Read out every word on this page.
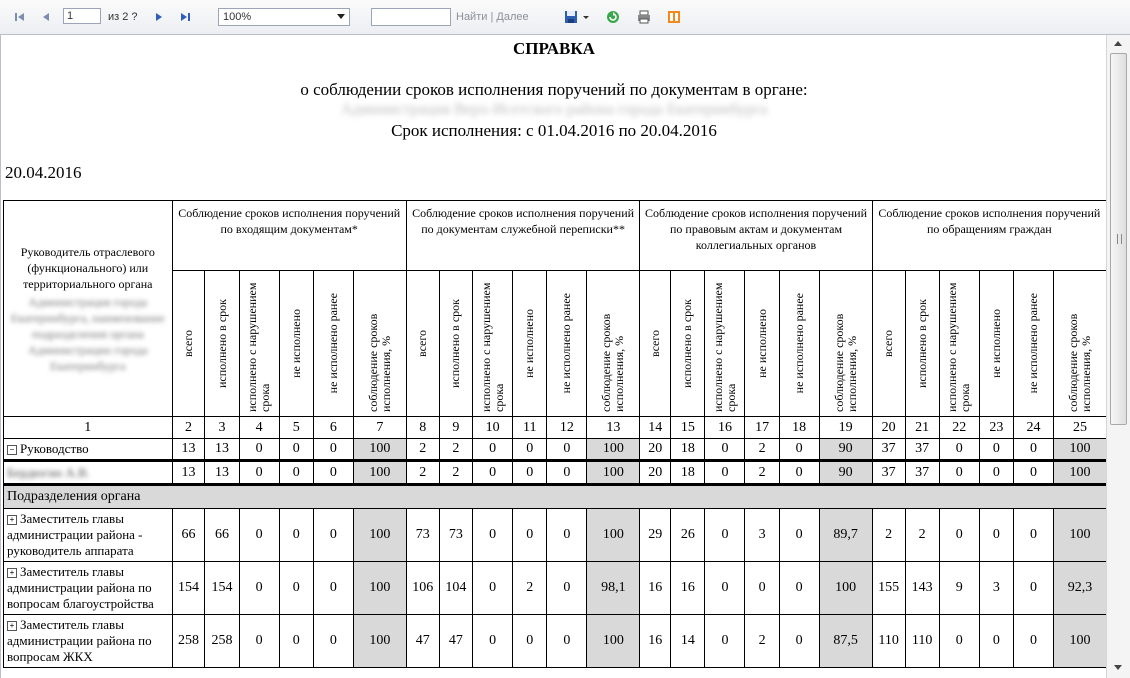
1	из 2 ?	100%	Найти | Далее
СПРАВКА
о соблюдении сроков исполнения поручений по документам в органе:
Администрация Верх-Исетского района города Екатеринбурга
Срок исполнения: с 01.04.2016 по 20.04.2016
20.04.2016
Руководитель отраслевого (функционального) или территориального органа
Администрация города Екатеринбурга, наименование подразделения органа Администрации города Екатеринбурга	Соблюдение сроков исполнения поручений по входящим документам*						Соблюдение сроков исполнения поручений по документам служебной переписки**						Соблюдение сроков исполнения поручений по правовым актам и документам коллегиальных органов						Соблюдение сроков исполнения поручений по обращениям граждан					

	всего	исполнено в срок	исполнено с нарушением срока	не исполнено	не исполнено ранее	соблюдение сроков исполнения, %	всего	исполнено в срок	исполнено с нарушением срока	не исполнено	не исполнено ранее	соблюдение сроков исполнения, %	всего	исполнено в срок	исполнено с нарушением срока	не исполнено	не исполнено ранее	соблюдение сроков исполнения, %	всего	исполнено в срок	исполнено с нарушением срока	не исполнено	не исполнено ранее	соблюдение сроков исполнения, %

1	2	3	4	5	6	7	8	9	10	11	12	13	14	15	16	17	18	19	20	21	22	23	24	25
− Руководство	13	13	0	0	0	100	2	2	0	0	0	100	20	18	0	2	0	90	37	37	0	0	0	100
Бердюгин А.В.	13	13	0	0	0	100	2	2	0	0	0	100	20	18	0	2	0	90	37	37	0	0	0	100
Подразделения органа																								
+ Заместитель главы администрации района - руководитель аппарата	66	66	0	0	0	100	73	73	0	0	0	100	29	26	0	3	0	89,7	2	2	0	0	0	100
+ Заместитель главы администрации района по вопросам благоустройства	154	154	0	0	0	100	106	104	0	2	0	98,1	16	16	0	0	0	100	155	143	9	3	0	92,3
+ Заместитель главы администрации района по вопросам ЖКХ	258	258	0	0	0	100	47	47	0	0	0	100	16	14	0	2	0	87,5	110	110	0	0	0	100
